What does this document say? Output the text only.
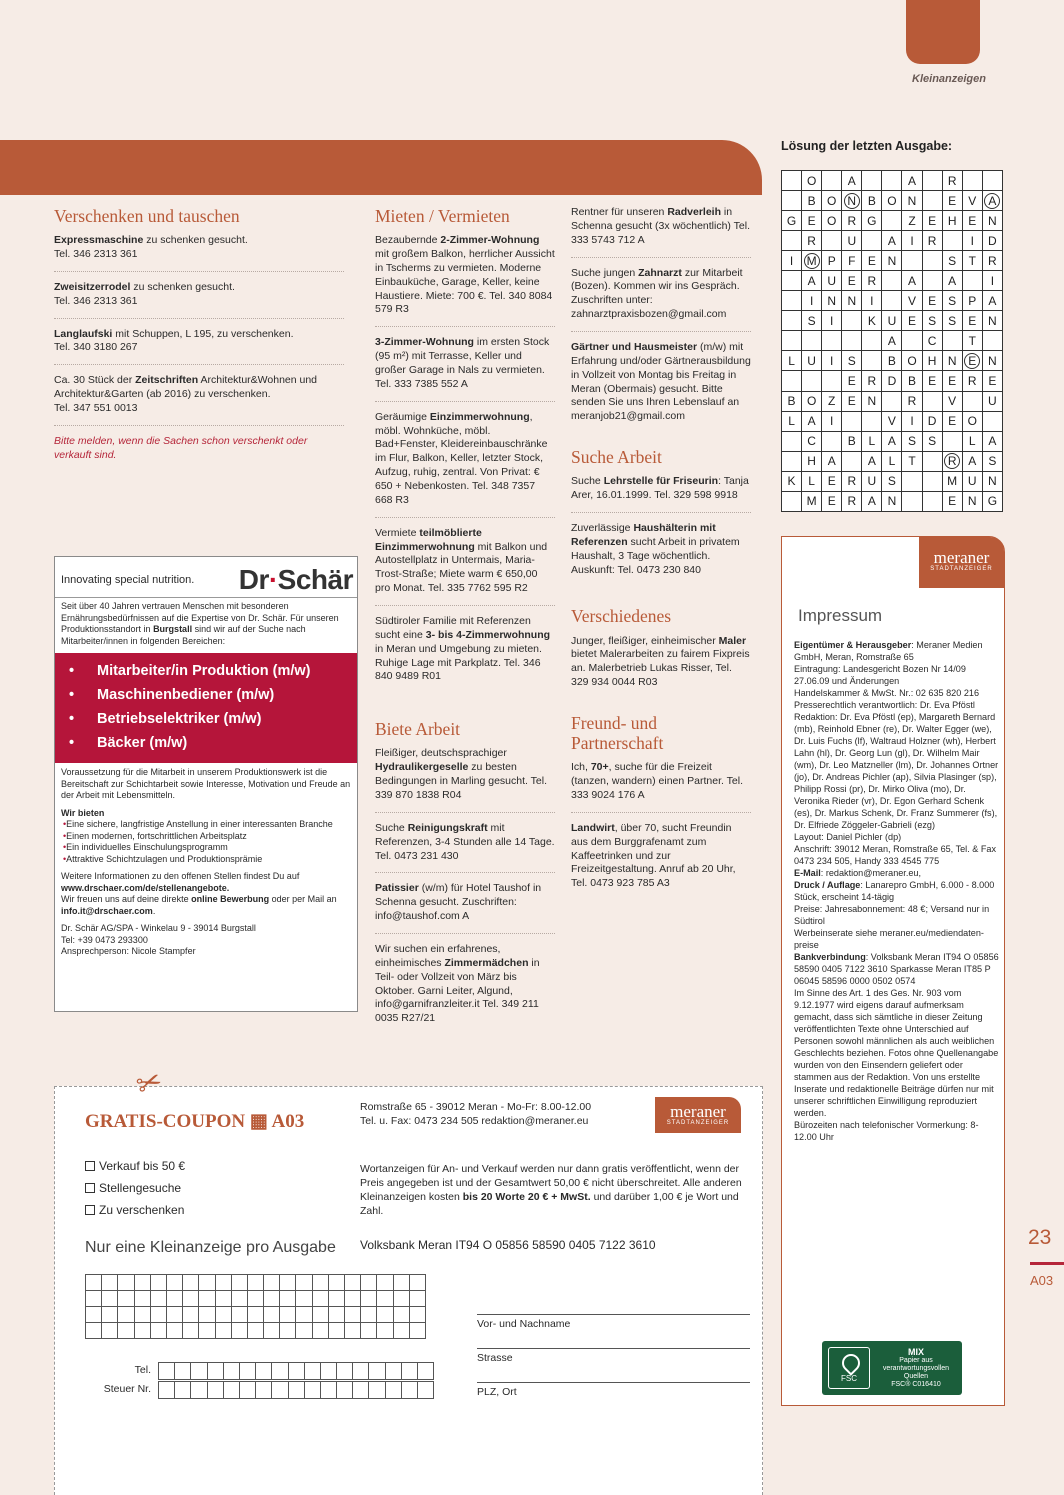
Kleinanzeigen
Verschenken und tauschen
Expressmaschine zu schenken gesucht.
Tel. 346 2313 361
Zweisitzerrodel zu schenken gesucht.
Tel. 346 2313 361
Langlaufski mit Schuppen, L 195, zu verschenken.
Tel. 340 3180 267
Ca. 30 Stück der Zeitschriften Architektur&Wohnen und Architektur&Garten (ab 2016) zu verschenken.
Tel. 347 551 0013

Bitte melden, wenn die Sachen schon verschenkt oder verkauft sind.

Mieten / Vermieten
Bezaubernde 2-Zimmer-Wohnung mit großem Balkon, herrlicher Aussicht in Tscherms zu vermieten. Moderne Einbauküche, Garage, Keller, keine Haustiere. Miete: 700 €. Tel. 340 8084 579 R3
3-Zimmer-Wohnung im ersten Stock (95 m²) mit Terrasse, Keller und großer Garage in Nals zu vermieten. Tel. 333 7385 552 A
Geräumige Einzimmerwohnung, möbl. Wohnküche, möbl. Bad+Fenster, Kleidereinbauschränke im Flur, Balkon, Keller, letzter Stock, Aufzug, ruhig, zentral. Von Privat: € 650 + Nebenkosten. Tel. 348 7357 668 R3
Vermiete teilmöblierte Einzimmerwohnung mit Balkon und Autostellplatz in Untermais, Maria-Trost-Straße; Miete warm € 650,00 pro Monat. Tel. 335 7762 595 R2
Südtiroler Familie mit Referenzen sucht eine 3- bis 4-Zimmerwohnung in Meran und Umgebung zu mieten. Ruhige Lage mit Parkplatz. Tel. 346 840 9489 R01
Biete Arbeit
Fleißiger, deutschsprachiger Hydraulikergeselle zu besten Bedingungen in Marling gesucht. Tel. 339 870 1838 R04
Suche Reinigungskraft mit Referenzen, 3-4 Stunden alle 14 Tage. Tel. 0473 231 430
Patissier (w/m) für Hotel Taushof in Schenna gesucht. Zuschriften: info@taushof.com A
Wir suchen ein erfahrenes, einheimisches Zimmermädchen in Teil- oder Vollzeit von März bis Oktober. Garni Leiter, Algund, info@garnifranzleiter.it Tel. 349 211 0035 R27/21
Rentner für unseren Radverleih in Schenna gesucht (3x wöchentlich) Tel. 333 5743 712 A
Suche jungen Zahnarzt zur Mitarbeit (Bozen). Kommen wir ins Gespräch. Zuschriften unter: zahnarztpraxisbozen@gmail.com
Gärtner und Hausmeister (m/w) mit Erfahrung und/oder Gärtnerausbildung in Vollzeit von Montag bis Freitag in Meran (Obermais) gesucht. Bitte senden Sie uns Ihren Lebenslauf an meranjob21@gmail.com
Suche Arbeit
Suche Lehrstelle für Friseurin: Tanja Arer, 16.01.1999. Tel. 329 598 9918
Zuverlässige Haushälterin mit Referenzen sucht Arbeit in privatem Haushalt, 3 Tage wöchentlich. Auskunft: Tel. 0473 230 840
Verschiedenes
Junger, fleißiger, einheimischer Maler bietet Malerarbeiten zu fairem Fixpreis an. Malerbetrieb Lukas Risser, Tel. 329 934 0044 R03
Freund- und Partnerschaft
Ich, 70+, suche für die Freizeit (tanzen, wandern) einen Partner. Tel. 333 9024 176 A
Landwirt, über 70, sucht Freundin aus dem Burggrafenamt zum Kaffeetrinken und zur Freizeitgestaltung. Anruf ab 20 Uhr, Tel. 0473 923 785 A3
Innovating special nutrition. Dr·Schär
Seit über 40 Jahren vertrauen Menschen mit besonderen Ernährungsbedürfnissen auf die Expertise von Dr. Schär. Für unseren Produktionsstandort in Burgstall sind wir auf der Suche nach Mitarbeiter/innen in folgenden Bereichen:
• Mitarbeiter/in Produktion (m/w)
• Maschinenbediener (m/w)
• Betriebselektriker (m/w)
• Bäcker (m/w)

Voraussetzung für die Mitarbeit in unserem Produktionswerk ist die Bereitschaft zur Schichtarbeit sowie Interesse, Motivation und Freude an der Arbeit mit Lebensmitteln.

Wir bieten
• Eine sichere, langfristige Anstellung in einer interessanten Branche
• Einen modernen, fortschrittlichen Arbeitsplatz
• Ein individuelles Einschulungsprogramm
• Attraktive Schichtzulagen und Produktionsprämie

Weitere Informationen zu den offenen Stellen findest Du auf www.drschaer.com/de/stellenangebote.
Wir freuen uns auf deine direkte online Bewerbung oder per Mail an info.it@drschaer.com.

Dr. Schär AG/SPA - Winkelau 9 - 39014 Burgstall
Tel: +39 0473 293300
Ansprechperson: Nicole Stampfer

Lösung der letzten Ausgabe:
	O		A			A		R		
	B	O	N	B	O	N		E	V	A
G	E	O	R	G		Z	E	H	E	N
	R		U		A	I	R		I	D
I	M	P	F	E	N			S	T	R
	A	U	E	R		A		A		I
	I	N	N	I		V	E	S	P	A
	S	I		K	U	E	S	S	E	N
					A		C		T	
L	U	I	S		B	O	H	N	E	N
			E	R	D	B	E	E	R	E
B	O	Z	E	N		R		V		U
L	A	I			V	I	D	E	O	
	C		B	L	A	S	S		L	A
	H	A		A	L	T		R	A	S
K	L	E	R	U	S			M	U	N
	M	E	R	A	N			E	N	G
meraner
STADTANZEIGER
Impressum
Eigentümer & Herausgeber: Meraner Medien GmbH, Meran, Romstraße 65
Eintragung: Landesgericht Bozen Nr 14/09 27.06.09 und Änderungen
Handelskammer & MwSt. Nr.: 02 635 820 216
Presserechtlich verantwortlich: Dr. Eva Pföstl
Redaktion: Dr. Eva Pföstl (ep), Margareth Bernard (mb), Reinhold Ebner (re), Dr. Walter Egger (we), Dr. Luis Fuchs (lf), Waltraud Holzner (wh), Herbert Lahn (hl), Dr. Georg Lun (gl), Dr. Wilhelm Mair (wm), Dr. Leo Matzneller (lm), Dr. Johannes Ortner (jo), Dr. Andreas Pichler (ap), Silvia Plasinger (sp), Philipp Rossi (pr), Dr. Mirko Oliva (mo), Dr. Veronika Rieder (vr), Dr. Egon Gerhard Schenk (es), Dr. Markus Schenk, Dr. Franz Summerer (fs), Dr. Elfriede Zöggeler-Gabrieli (ezg)
Layout: Daniel Pichler (dp)
Anschrift: 39012 Meran, Romstraße 65, Tel. & Fax 0473 234 505, Handy 333 4545 775
E-Mail: redaktion@meraner.eu,
Druck / Auflage: Lanarepro GmbH, 6.000 - 8.000 Stück, erscheint 14-tägig
Preise: Jahresabonnement: 48 €; Versand nur in Südtirol
Werbeinserate siehe meraner.eu/mediendaten-preise
Bankverbindung: Volksbank Meran IT94 O 05856 58590 0405 7122 3610 Sparkasse Meran IT85 P 06045 58596 0000 0502 0574
Im Sinne des Art. 1 des Ges. Nr. 903 vom 9.12.1977 wird eigens darauf aufmerksam gemacht, dass sich sämtliche in dieser Zeitung veröffentlichten Texte ohne Unterschied auf Personen sowohl männlichen als auch weiblichen Geschlechts beziehen. Fotos ohne Quellenangabe wurden von den Einsendern geliefert oder stammen aus der Redaktion. Von uns erstellte Inserate und redaktionelle Beiträge dürfen nur mit unserer schriftlichen Einwilligung reproduziert werden.
Bürozeiten nach telefonischer Vormerkung: 8-12.00 Uhr
FSC
MIX
Papier aus verantwortungsvollen Quellen
FSC® C016410
23
A03
✂
GRATIS-COUPON ▦ A03
Romstraße 65 - 39012 Meran - Mo-Fr: 8.00-12.00
Tel. u. Fax: 0473 234 505 redaktion@meraner.eu	meraner
STADTANZEIGER
Verkauf bis 50 €
Stellengesuche
Zu verschenken
Wortanzeigen für An- und Verkauf werden nur dann gratis veröffentlicht, wenn der Preis angegeben ist und der Gesamtwert 50,00 € nicht überschreitet. Alle anderen Kleinanzeigen kosten bis 20 Worte 20 € + MwSt. und darüber 1,00 € je Wort und Zahl.
Nur eine Kleinanzeige pro Ausgabe Volksbank Meran IT94 O 05856 58590 0405 7122 3610

Tel.
Steuer Nr.

Vor- und Nachname
Strasse
PLZ, Ort
